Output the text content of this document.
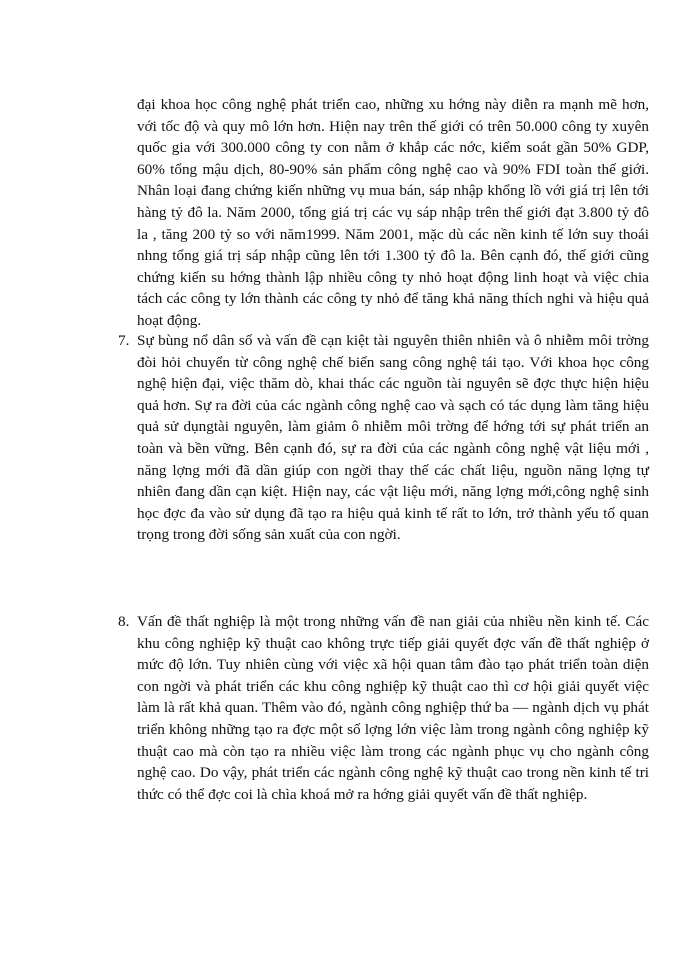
đại khoa học công nghệ phát triển cao, những xu hớng này diễn ra mạnh mẽ hơn, với tốc độ và quy mô lớn hơn. Hiện nay trên thế giới có trên 50.000 công ty xuyên quốc gia với 300.000 công ty con nằm ở khắp các nớc, kiểm soát gần 50% GDP, 60% tổng mậu dịch, 80-90% sản phẩm công nghệ cao và 90% FDI toàn thế giới. Nhân loại đang chứng kiến những vụ mua bán, sáp nhập khổng lồ với giá trị lên tới hàng tỷ đô la. Năm 2000, tổng giá trị các vụ sáp nhập trên thế giới đạt 3.800 tỷ đô la , tăng 200 tỷ so với năm1999. Năm 2001, mặc dù các nền kinh tế lớn suy thoái nhng tổng giá trị sáp nhập cũng lên tới 1.300 tỷ đô la. Bên cạnh đó, thế giới cũng chứng kiến su hớng thành lập nhiều công ty nhỏ hoạt động linh hoạt và việc chia tách các công ty lớn thành các công ty nhỏ để tăng khả năng thích nghi và hiệu quả hoạt động.

7. Sự bùng nổ dân số và vấn đề cạn kiệt tài nguyên thiên nhiên và ô nhiễm môi trờng đòi hỏi chuyển từ công nghệ chế biến sang công nghệ tái tạo. Với khoa học công nghệ hiện đại, việc thăm dò, khai thác các nguồn tài nguyên sẽ đợc thực hiện hiệu quả hơn. Sự ra đời của các ngành công nghệ cao và sạch có tác dụng làm tăng hiệu quả sử dụngtài nguyên, làm giảm ô nhiễm môi trờng để hớng tới sự phát triển an toàn và bền vững. Bên cạnh đó, sự ra đời của các ngành công nghệ vật liệu mới , năng lợng mới đã dần giúp con ngời thay thế các chất liệu, nguồn năng lợng tự nhiên đang dần cạn kiệt. Hiện nay, các vật liệu mới, năng lợng mới,công nghệ sinh học đợc đa vào sử dụng đã tạo ra hiệu quả kinh tế rất to lớn, trở thành yếu tố quan trọng trong đời sống sản xuất của con ngời.

8. Vấn đề thất nghiệp là một trong những vấn đề nan giải của nhiều nền kinh tế. Các khu công nghiệp kỹ thuật cao không trực tiếp giải quyết đợc vấn đề thất nghiệp ở mức độ lớn. Tuy nhiên cùng với việc xã hội quan tâm đào tạo phát triển toàn diện con ngời và phát triển các khu công nghiệp kỹ thuật cao thì cơ hội giải quyết việc làm là rất khả quan. Thêm vào đó, ngành công nghiệp thứ ba — ngành dịch vụ phát triển không những tạo ra đợc một số lợng lớn việc làm trong ngành công nghiệp kỹ thuật cao mà còn tạo ra nhiều việc làm trong các ngành phục vụ cho ngành công nghệ cao. Do vậy, phát triển các ngành công nghệ kỹ thuật cao trong nền kinh tế tri thức có thể đợc coi là chìa khoá mở ra hớng giải quyết vấn đề thất nghiệp.
